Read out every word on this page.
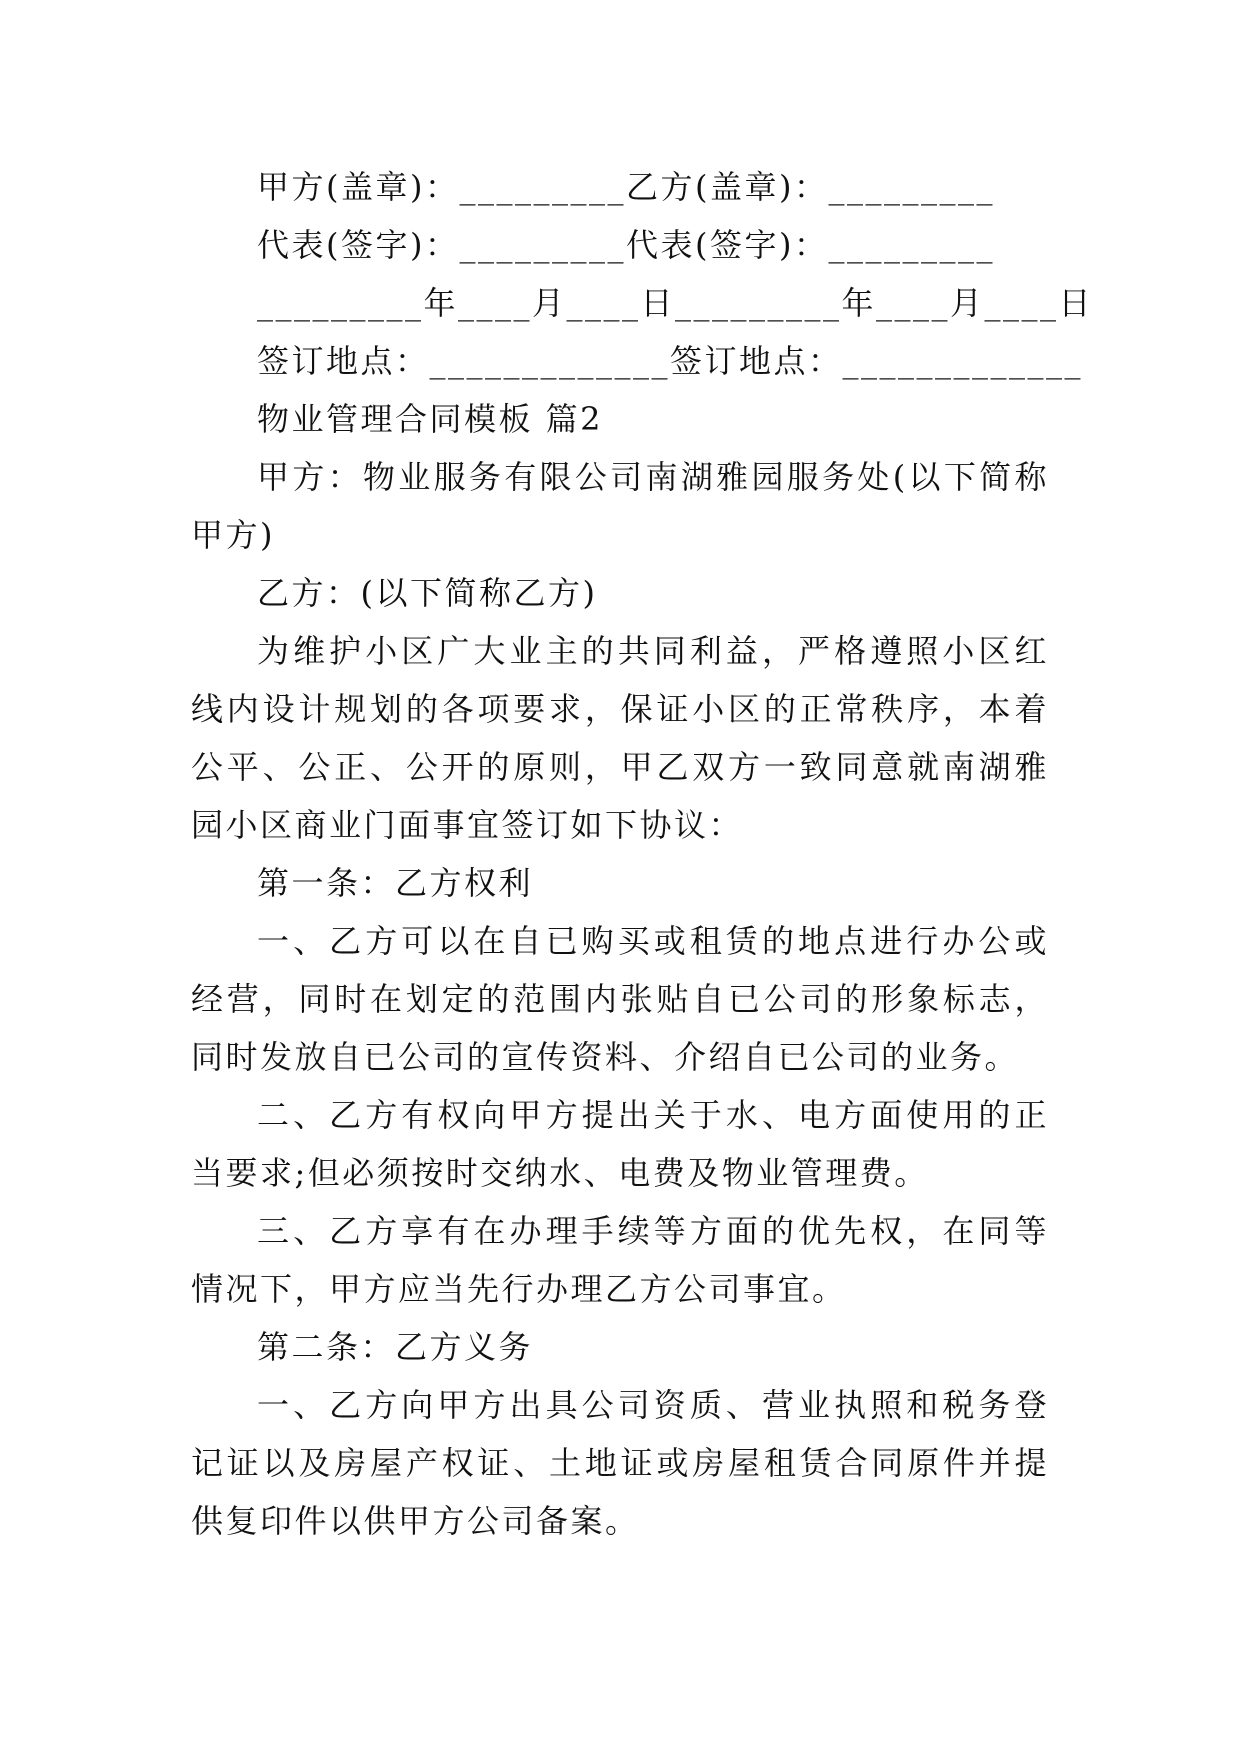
甲方(盖章)：_________乙方(盖章)：_________
代表(签字)：_________代表(签字)：_________
_________年____月____日_________年____月____日
签订地点：_____________签订地点：_____________

物业管理合同模板 篇2

甲方：物业服务有限公司南湖雅园服务处(以下简称甲方)

乙方：(以下简称乙方)

为维护小区广大业主的共同利益，严格遵照小区红线内设计规划的各项要求，保证小区的正常秩序，本着公平、公正、公开的原则，甲乙双方一致同意就南湖雅园小区商业门面事宜签订如下协议：

第一条：乙方权利

一、乙方可以在自已购买或租赁的地点进行办公或经营，同时在划定的范围内张贴自已公司的形象标志，同时发放自已公司的宣传资料、介绍自已公司的业务。

二、乙方有权向甲方提出关于水、电方面使用的正当要求;但必须按时交纳水、电费及物业管理费。

三、乙方享有在办理手续等方面的优先权，在同等情况下，甲方应当先行办理乙方公司事宜。

第二条：乙方义务

一、乙方向甲方出具公司资质、营业执照和税务登记证以及房屋产权证、土地证或房屋租赁合同原件并提供复印件以供甲方公司备案。
